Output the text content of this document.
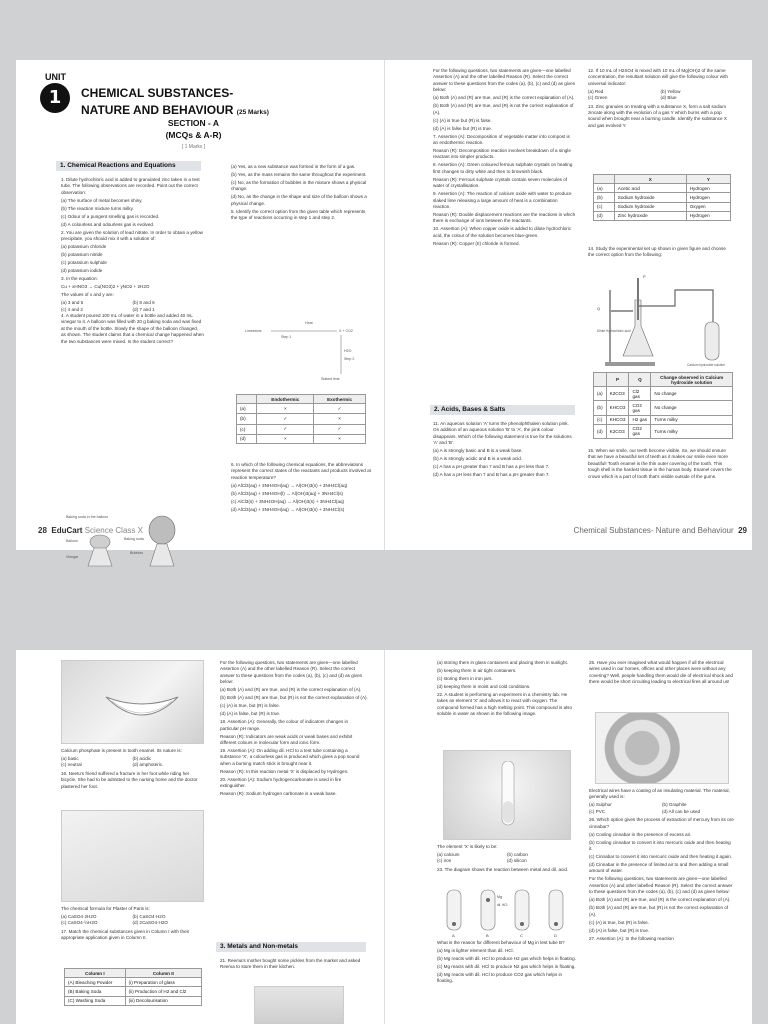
UNIT
1	CHEMICAL SUBSTANCES-
NATURE AND BEHAVIOUR (25 Marks)
SECTION - A
(MCQs & A-R)
[ 1 Marks ]
1. Chemical Reactions and Equations

1. Dilute hydrochloric acid is added to granulated zinc taken in a test tube. The following observations are recorded. Point out the correct observation:

(a) The surface of metal becomes shiny.

(b) The reaction mixture turns milky.

(c) Odour of a pungent smelling gas is recorded.

(d) A colourless and odourless gas is evolved.

2. You are given the solution of lead nitrate. In order to obtain a yellow precipitate, you should mix it with a solution of:

(a) potassium chloride

(b) potassium nitride

(c) potassium sulphide

(d) potassium iodide

3. In the equation:

Cu + xHNO3 → Cu(NO3)2 + yNO2 + 2H2O

The values of x and y are:

(a) 3 and 5	(b) 8 and 6
(c) 4 and 2	(d) 7 and 1

4. A student poured 100 mL of water in a bottle and added 40 mL vinegar to it. A balloon was filled with 20 g baking soda and was fixed at the mouth of the bottle. Slowly the shape of the balloon changed, as shown. The student claims that a chemical change happened when the two substances were mixed. Is the student correct?

Baking soda in the balloon
Baking soda
Balloon
Vinegar
Bubbles

(a) Yes, as a new substance was formed in the form of a gas.

(b) Yes, as the mass remains the same throughout the experiment.

(c) No, as the formation of bubbles in the mixture shows a physical change.

(d) No, as the change in the shape and size of the balloon shows a physical change.

5. Identify the correct option from the given table which represents the type of reactions occurring in step 1 and step 2.

Heat
Limestone	X + CO2
Step 1
H2O
Step 2
Slaked lime
	Endothermic	Exothermic
(a)	×	✓
(b)	✓	×
(c)	✓	✓
(d)	×	×

6. In which of the following chemical equations, the abbreviations represent the correct states of the reactants and products involved at reaction temperature?

(a) AlCl3(aq) + 3NH4OH(aq) → Al(OH)3(s) + 3NH4Cl(aq)

(b) AlCl3(aq) + 3NH4OH(l) → Al(OH)3(aq) + 3NH4Cl(s)

(c) AlCl3(s) + 3NH4OH(aq) → Al(OH)3(s) + 3NH4Cl(aq)

(d) AlCl3(aq) + 3NH4OH(aq) → Al(OH)3(s) + 3NH4Cl(s)

28 EduCart Science Class X

For the following questions, two statements are given—one labelled Assertion (A) and the other labelled Reason (R). Select the correct answer to these questions from the codes (a), (b), (c) and (d) as given below:

(a) Both (A) and (R) are true, and (R) is the correct explanation of (A).

(b) Both (A) and (R) are true, and (R) is not the correct explanation of (A).

(c) (A) is true but (R) is false.

(d) (A) is false but (R) is true.

7. Assertion (A): Decomposition of vegetable matter into compost is an endothermic reaction.

Reason (R): Decomposition reaction involves breakdown of a single reactant into simpler products.

8. Assertion (A): Green coloured ferrous sulphate crystals on heating first changes to dirty white and then to brownish black.

Reason (R): Ferrous sulphate crystals contain seven molecules of water of crystallisation.

9. Assertion (A): The reaction of calcium oxide with water to produce slaked lime releasing a large amount of heat is a combination reaction.

Reason (R): Double displacement reactions are the reactions in which there is exchange of ions between the reactants.

10. Assertion (A): When copper oxide is added to dilute hydrochloric acid, the colour of the solution becomes blue-green.

Reason (R): Copper (II) chloride is formed.

2. Acids, Bases & Salts

11. An aqueous solution 'A' turns the phenolphthalein solution pink. On addition of an aqueous solution 'B' to 'A', the pink colour disappears. Which of the following statement is true for the solutions 'A' and 'B'.

(a) A is strongly basic and B is a weak base.

(b) A is strongly acidic and B is a weak acid.

(c) A has a pH greater than 7 and B has a pH less than 7.

(d) A has a pH less than 7 and B has a pH greater than 7.

12. If 10 mL of H2SO4 is mixed with 10 mL of Mg(OH)2 of the same concentration, the resultant solution will give the following colour with universal indicator:

(a) Red	(b) Yellow
(c) Green	(d) Blue

13. Zinc granules on treating with a substance X, form a salt sodium zincate along with the evolution of a gas Y which burns with a pop sound when brought near a burning candle. Identify the substance X and gas evolved Y.

	X	Y
(a)	Acetic acid	Hydrogen
(b)	Sodium hydroxide	Hydrogen
(c)	Sodium hydroxide	Oxygen
(d)	Zinc hydroxide	Hydrogen

14. Study the experimental set up shown in given figure and choose the correct option from the following:

P
Q
Dilute Hydrochloric acid
Calcium hydroxide solution
	P	Q	Change observed in Calcium hydroxide solution
(a)	K2CO3	Cl2 gas	No change
(b)	KHCO3	CO2 gas	No change
(c)	KHCO3	H2 gas	Turns milky
(d)	K2CO3	CO2 gas	Turns milky

15. When we smile, our teeth become visible. So, we should ensure that we have a beautiful set of teeth as it makes our smile even more beautiful! Tooth enamel is the thin outer covering of the tooth. This tough shell is the hardest tissue in the human body. Enamel covers the crown which is a part of tooth that's visible outside of the gums.

Chemical Substances- Nature and Behaviour 29

Calcium phosphate is present in tooth enamel. Its nature is:

(a) basic	(b) acidic
(c) neutral	(d) amphoteric.

16. Neetu's friend suffered a fracture in her foot while riding her bicycle. She had to be admitted to the nursing home and the doctor plastered her foot.

The chemical formula for Plaster of Paris is:

(a) CaSO4·2H2O	(b) CaSO4·H2O
(c) CaSO4·½H2O	(d) 2CaSO4·H2O

17. Match the chemical substances given in Column I with their appropriate application given in Column II.

Column I	Column II
(A) Bleaching Powder	(i) Preparation of glass
(B) Baking Soda	(ii) Production of H2 and Cl2
(C) Washing Soda	(iii) Decolourisation

For the following questions, two statements are given—one labelled Assertion (A) and the other labelled Reason (R). Select the correct answer to these questions from the codes (a), (b), (c) and (d) as given below:

(a) Both (A) and (R) are true, and (R) is the correct explanation of (A).

(b) Both (A) and (R) are true, but (R) is not the correct explanation of (A).

(c) (A) is true, but (R) is false.

(d) (A) is false, but (R) is true.

18. Assertion (A): Generally, the colour of indicators changes in particular pH range.

Reason (R): Indicators are weak acids or weak bases and exhibit different colours in molecular form and ionic form.

19. Assertion (A): On adding dil. HCl to a test tube containing a substance 'X', a colourless gas is produced which gives a pop sound when a burning match stick is brought near it.

Reason (R): In this reaction metal 'X' is displaced by Hydrogen.

20. Assertion (A): Sodium hydrogencarbonate is used in fire extinguisher.

Reason (R): Sodium hydrogen carbonate is a weak base.

3. Metals and Non-metals

21. Reema's mother bought some pickles from the market and asked Reema to store them in their kitchen.

(a) storing them in glass containers and placing them in sunlight.

(b) keeping them in air tight containers.

(c) storing them in iron jars.

(d) keeping them in moist and cold conditions.

22. A student is performing an experiment in a chemistry lab. He takes an element 'X' and allows it to react with oxygen. The compound formed has a high melting point. This compound is also soluble in water as shown in the following image.

The element 'X' is likely to be:

(a) calcium	(b) carbon
(c) iron	(d) silicon

23. The diagram shows the reaction between metal and dil. acid.

Mg
dil. HCl
A	B	C	D

What is the reason for different behaviour of Mg in test tube B?

(a) Mg is lighter element than dil. HCl.

(b) Mg reacts with dil. HCl to produce H2 gas which helps in floating.

(c) Mg reacts with dil. HCl to produce N2 gas which helps in floating.

(d) Mg reacts with dil. HCl to produce CO2 gas which helps in floating.

25. Have you ever imagined what would happen if all the electrical wires used in our homes, offices and other places were without any covering? Well, people handling them would die of electrical shock and there would be short circuiting leading to electrical fires all around us!

Electrical wires have a coating of an insulating material. The material, generally used is:

(a) Sulphur	(b) Graphite
(c) PVC	(d) All can be used

26. Which option gives the process of extraction of mercury from its ore cinnabar?

(a) Cooling cinnabar in the presence of excess air.

(b) Cooling cinnabar to convert it into mercuric oxide and then heating it.

(c) Cinnabar to convert it into mercuric oxide and then heating it again.

(d) Cinnabar in the presence of limited air to and then adding a small amount of water.

For the following questions, two statements are given—one labelled Assertion (A) and other labelled Reason (R). Select the correct answer to these questions from the codes (a), (b), (c) and (d) as given below:

(a) Both (A) and (R) are true, and (R) is the correct explanation of (A).

(b) Both (A) and (R) are true, but (R) is not the correct explanation of (A).

(c) (A) is true, but (R) is false.

(d) (A) is false, but (R) is true.

27. Assertion (A): In the following reaction
